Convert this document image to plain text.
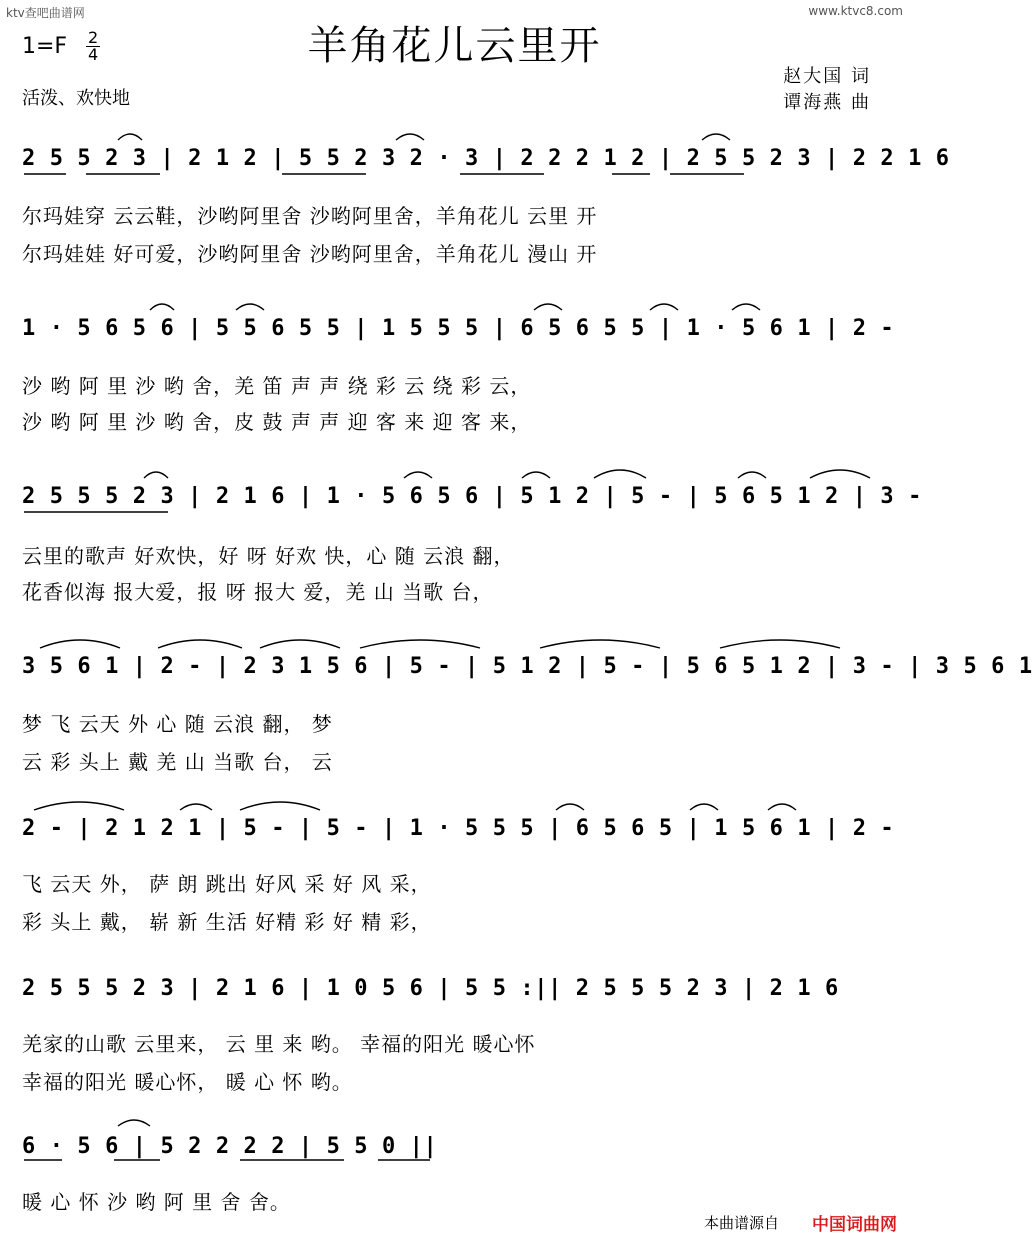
ktv查吧曲谱网	www.ktvc8.com
羊角花儿云里开
1=F 2
4
活泼、欢快地
赵大国 词
谭海燕 曲
2 5 5 2 3 | 2 1 2 | 5 5 2 3 2 · 3 | 2 2 2 1 2 | 2 5 5 2 3 | 2 2 1 6
尔玛娃穿 云云鞋，沙哟阿里舍 沙哟阿里舍，羊角花儿 云里 开
尔玛娃娃 好可爱，沙哟阿里舍 沙哟阿里舍，羊角花儿 漫山 开
1 · 5 6 5 6 | 5 5 6 5 5 | 1 5 5 5 | 6 5 6 5 5 | 1 · 5 6 1 | 2 -
沙 哟 阿 里 沙 哟 舍，羌 笛 声 声 绕 彩 云 绕 彩 云，
沙 哟 阿 里 沙 哟 舍，皮 鼓 声 声 迎 客 来 迎 客 来，
2 5 5 5 2 3 | 2 1 6 | 1 · 5 6 5 6 | 5 1 2 | 5 - | 5 6 5 1 2 | 3 -
云里的歌声 好欢快，好 呀 好欢 快，心 随 云浪 翻，
花香似海 报大爱，报 呀 报大 爱，羌 山 当歌 台，
3 5 6 1 | 2 - | 2 3 1 5 6 | 5 - | 5 1 2 | 5 - | 5 6 5 1 2 | 3 - | 3 5 6 1
梦 飞 云天 外 心 随 云浪 翻， 梦
云 彩 头上 戴 羌 山 当歌 台， 云
2 - | 2 1 2 1 | 5 - | 5 - | 1 · 5 5 5 | 6 5 6 5 | 1 5 6 1 | 2 -
飞 云天 外， 萨 朗 跳出 好风 采 好 风 采，
彩 头上 戴， 崭 新 生活 好精 彩 好 精 彩，
2 5 5 5 2 3 | 2 1 6 | 1 0 5 6 | 5 5 :|| 2 5 5 5 2 3 | 2 1 6
羌家的山歌 云里来， 云 里 来 哟。 幸福的阳光 暖心怀
幸福的阳光 暖心怀， 暖 心 怀 哟。
6 · 5 6 | 5 2 2 2 2 | 5 5 0 ||
暖 心 怀 沙 哟 阿 里 舍 舍。
本曲谱源自 中国词曲网
